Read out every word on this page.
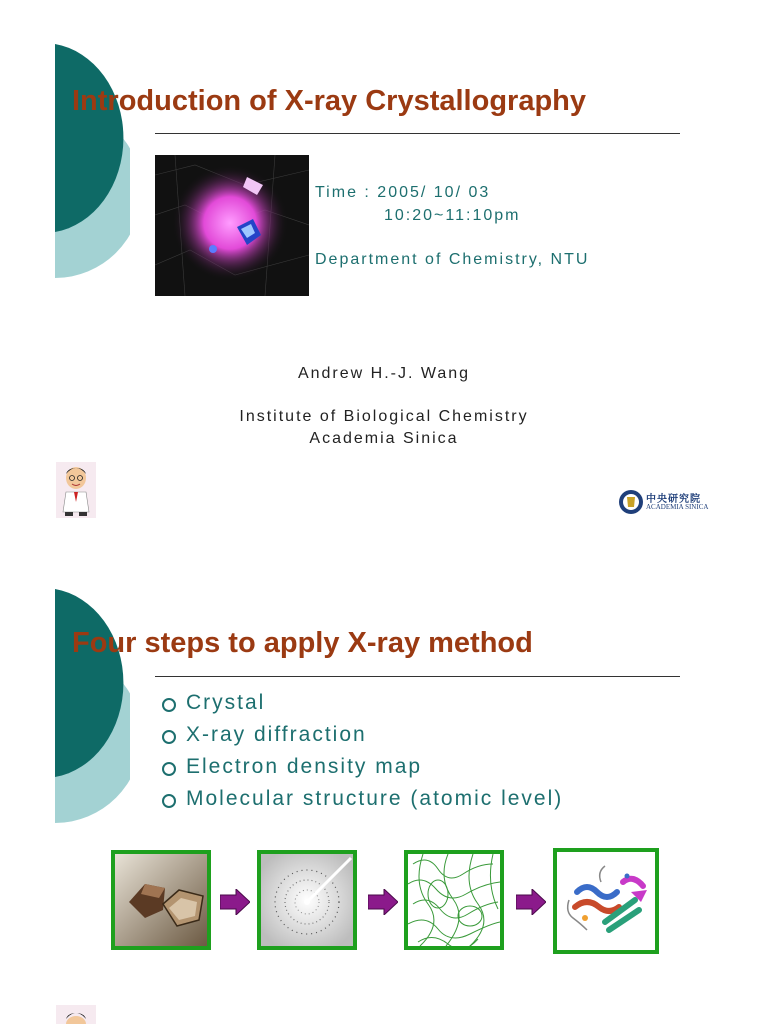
Introduction of X-ray Crystallography
Time : 2005/ 10/ 03
10:20~11:10pm
Department of Chemistry, NTU
Andrew H.-J. Wang
Institute of Biological Chemistry
Academia Sinica
中央研究院
ACADEMIA SINICA
Four steps to apply X-ray method
Crystal
X-ray diffraction
Electron density map
Molecular structure (atomic level)
